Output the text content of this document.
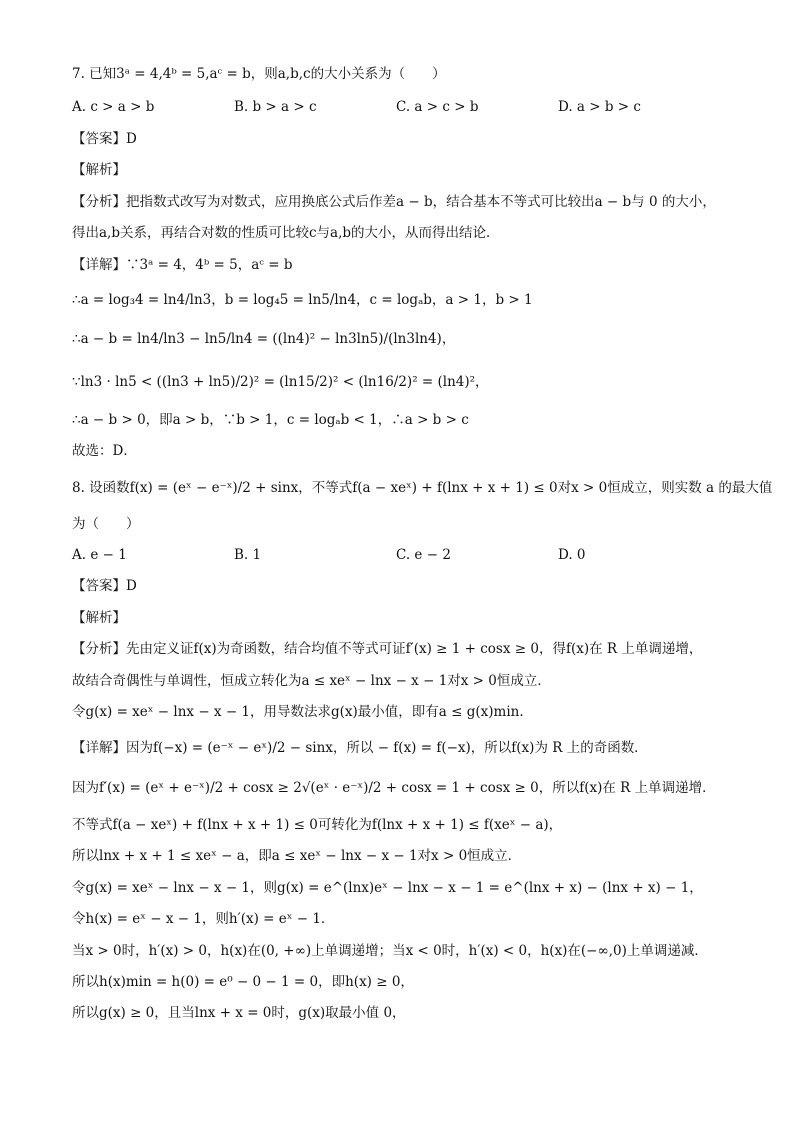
7. 已知3ᵃ = 4,4ᵇ = 5,aᶜ = b，则a,b,c的大小关系为（　　）
A. c > a > b	B. b > a > c	C. a > c > b	D. a > b > c
【答案】D
【解析】
【分析】把指数式改写为对数式，应用换底公式后作差a − b，结合基本不等式可比较出a − b与 0 的大小，
得出a,b关系，再结合对数的性质可比较c与a,b的大小，从而得出结论．
【详解】∵3ᵃ = 4，4ᵇ = 5，aᶜ = b
∴a = log₃4 = ln4/ln3，b = log₄5 = ln5/ln4，c = logₐb，a > 1，b > 1
∴a − b = ln4/ln3 − ln5/ln4 = ((ln4)² − ln3ln5)/(ln3ln4)，
∵ln3 · ln5 < ((ln3 + ln5)/2)² = (ln15/2)² < (ln16/2)² = (ln4)²，
∴a − b > 0，即a > b，∵b > 1，c = logₐb < 1，∴a > b > c
故选：D．
8. 设函数f(x) = (eˣ − e⁻ˣ)/2 + sinx，不等式f(a − xeˣ) + f(lnx + x + 1) ≤ 0对x > 0恒成立，则实数 a 的最大值
为（　　）
A. e − 1	B. 1	C. e − 2	D. 0
【答案】D
【解析】
【分析】先由定义证f(x)为奇函数，结合均值不等式可证f′(x) ≥ 1 + cosx ≥ 0，得f(x)在 R 上单调递增，
故结合奇偶性与单调性，恒成立转化为a ≤ xeˣ − lnx − x − 1对x > 0恒成立．
令g(x) = xeˣ − lnx − x − 1，用导数法求g(x)最小值，即有a ≤ g(x)min.
【详解】因为f(−x) = (e⁻ˣ − eˣ)/2 − sinx，所以 − f(x) = f(−x)，所以f(x)为 R 上的奇函数．
因为f′(x) = (eˣ + e⁻ˣ)/2 + cosx ≥ 2√(eˣ · e⁻ˣ)/2 + cosx = 1 + cosx ≥ 0，所以f(x)在 R 上单调递增．
不等式f(a − xeˣ) + f(lnx + x + 1) ≤ 0可转化为f(lnx + x + 1) ≤ f(xeˣ − a)，
所以lnx + x + 1 ≤ xeˣ − a，即a ≤ xeˣ − lnx − x − 1对x > 0恒成立．
令g(x) = xeˣ − lnx − x − 1，则g(x) = e^(lnx)eˣ − lnx − x − 1 = e^(lnx + x) − (lnx + x) − 1，
令h(x) = eˣ − x − 1，则h′(x) = eˣ − 1．
当x > 0时，h′(x) > 0，h(x)在(0, +∞)上单调递增；当x < 0时，h′(x) < 0，h(x)在(−∞,0)上单调递减．
所以h(x)min = h(0) = e⁰ − 0 − 1 = 0，即h(x) ≥ 0，
所以g(x) ≥ 0，且当lnx + x = 0时，g(x)取最小值 0，
